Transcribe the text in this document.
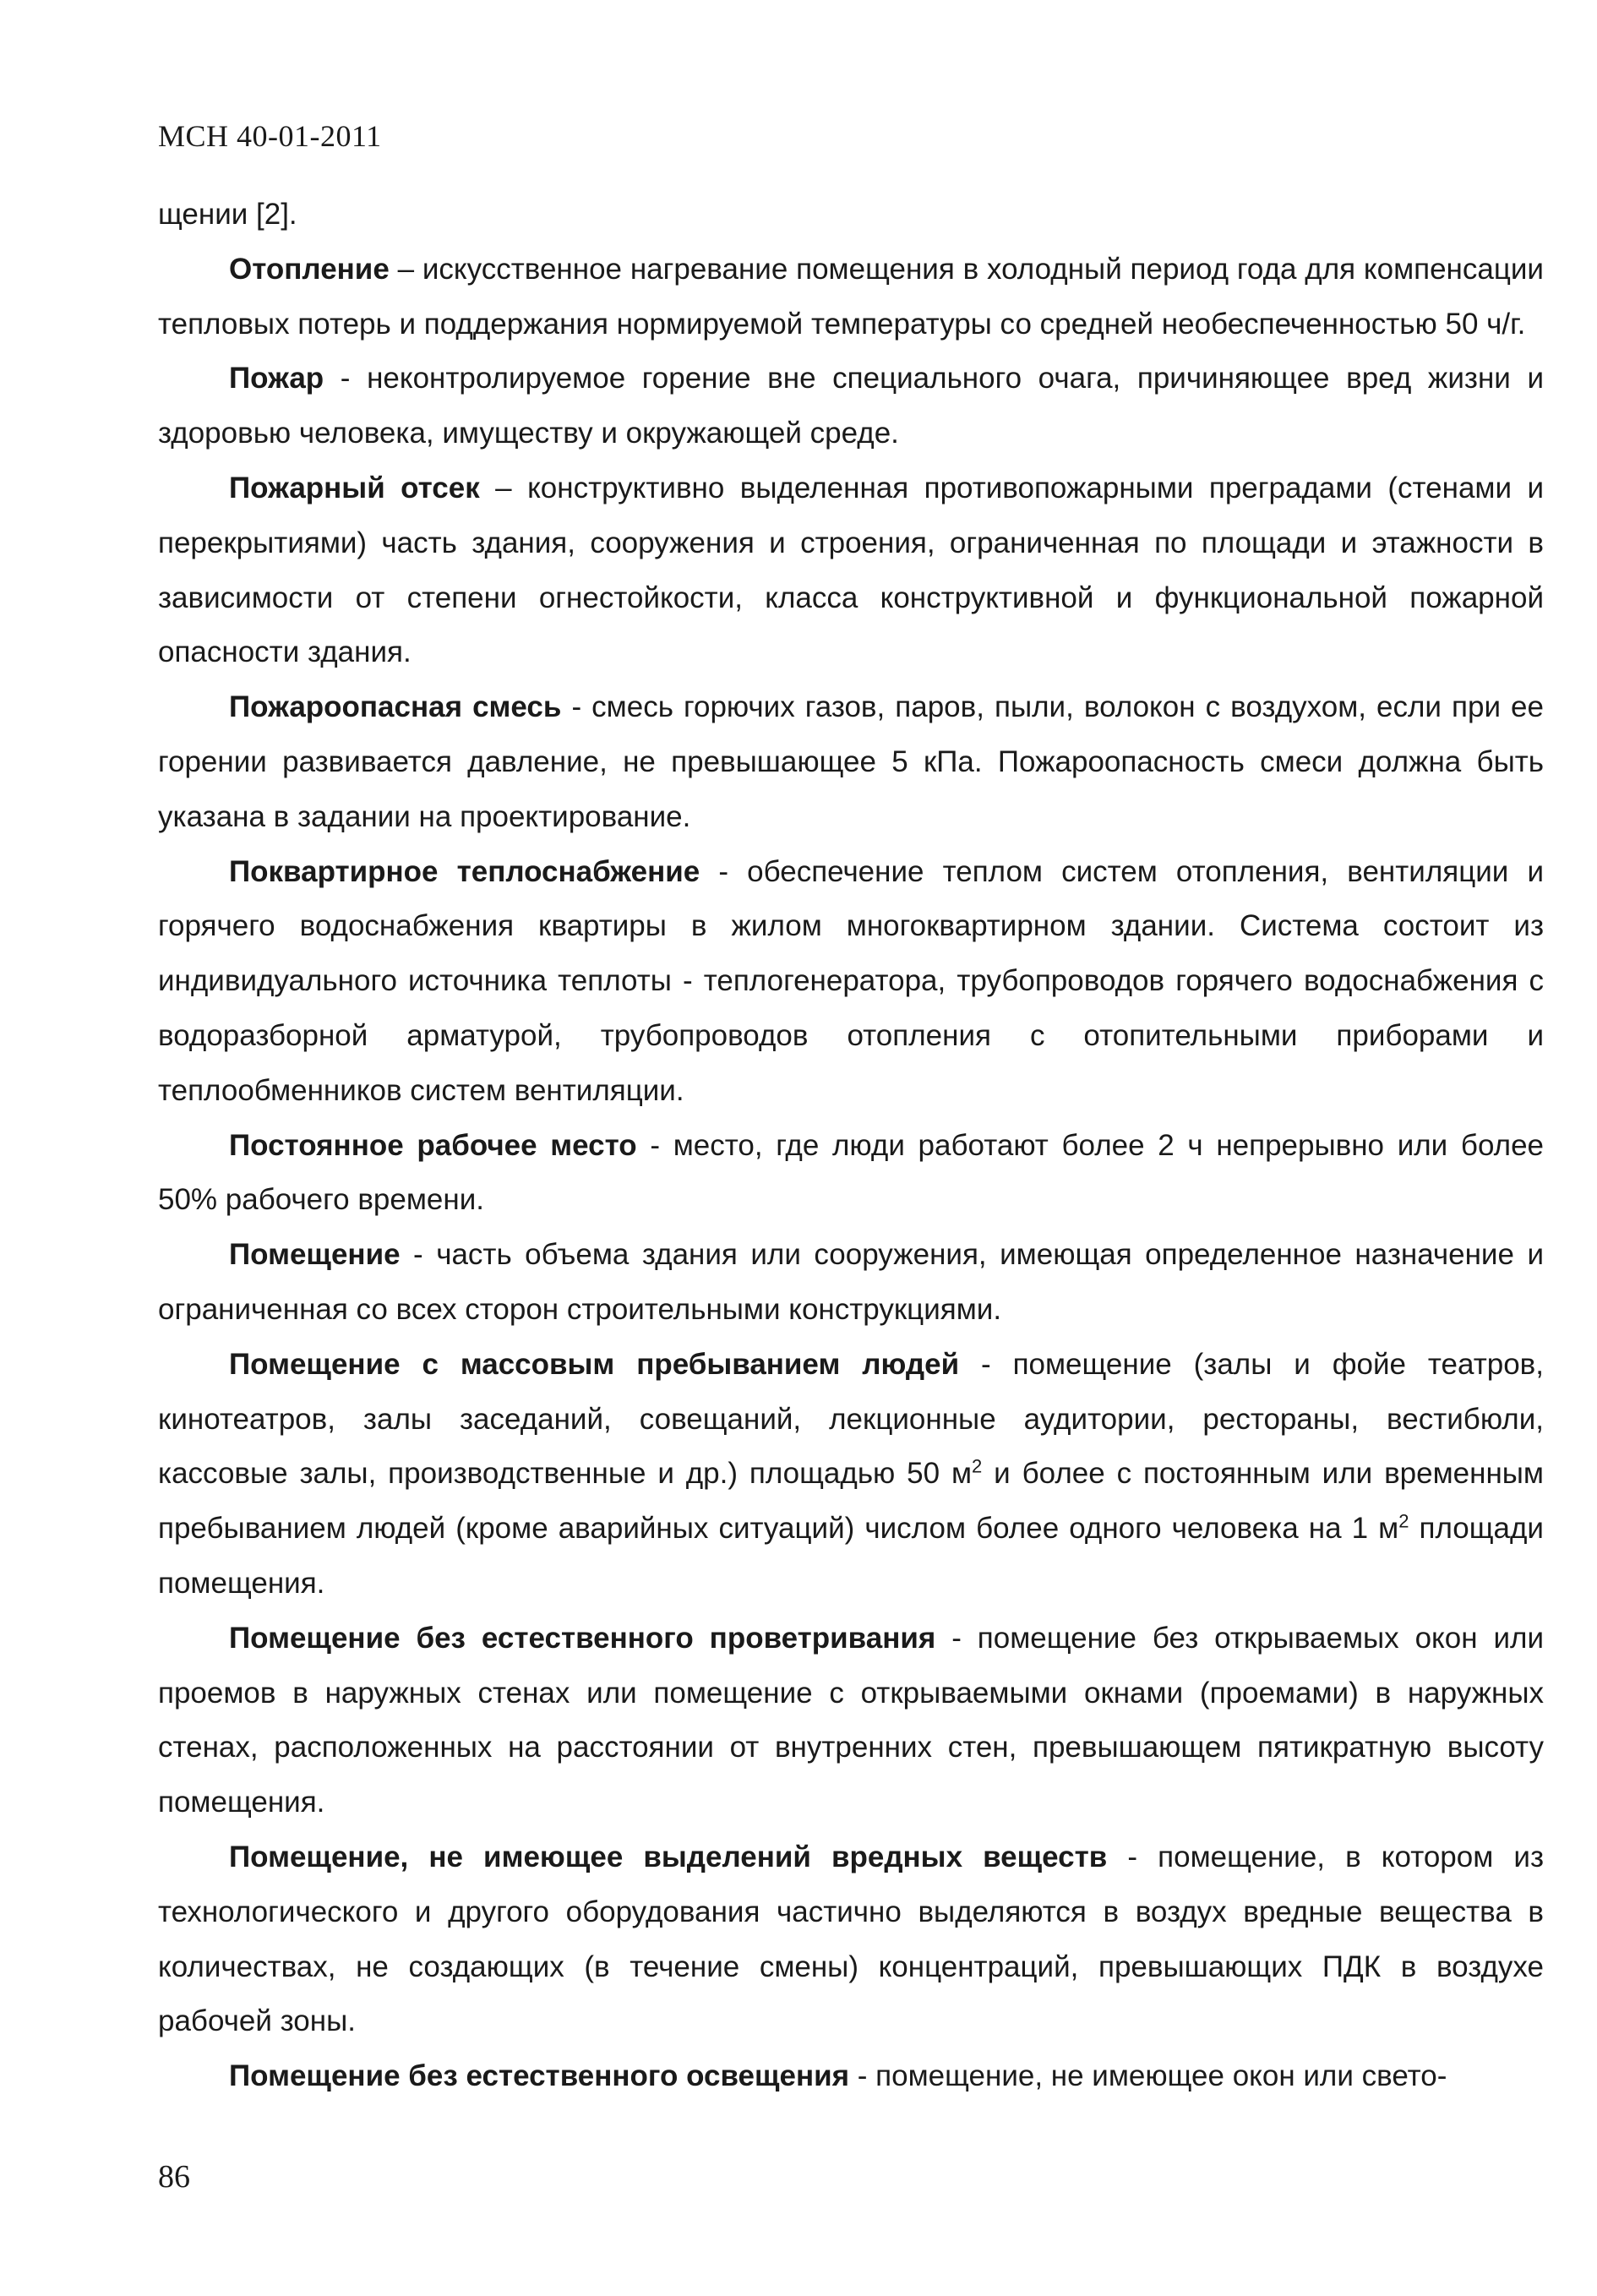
МСН 40-01-2011

щении [2].

Отопление – искусственное нагревание помещения в холодный период года для компенсации тепловых потерь и поддержания нормируемой температуры со средней необеспеченностью 50 ч/г.

Пожар - неконтролируемое горение вне специального очага, причиняющее вред жизни и здоровью человека, имуществу и окружающей среде.

Пожарный отсек – конструктивно выделенная противопожарными преградами (стенами и перекрытиями) часть здания, сооружения и строения, ограниченная по площади и этажности в зависимости от степени огнестойкости, класса конструктивной и функциональной пожарной опасности здания.

Пожароопасная смесь - смесь горючих газов, паров, пыли, волокон с воздухом, если при ее горении развивается давление, не превышающее 5 кПа. Пожароопасность смеси должна быть указана в задании на проектирование.

Поквартирное теплоснабжение - обеспечение теплом систем отопления, вентиляции и горячего водоснабжения квартиры в жилом многоквартирном здании. Система состоит из индивидуального источника теплоты - теплогенератора, трубопроводов горячего водоснабжения с водоразборной арматурой, трубопроводов отопления с отопительными приборами и теплообменников систем вентиляции.

Постоянное рабочее место - место, где люди работают более 2 ч непрерывно или более 50% рабочего времени.

Помещение - часть объема здания или сооружения, имеющая определенное назначение и ограниченная со всех сторон строительными конструкциями.

Помещение с массовым пребыванием людей - помещение (залы и фойе театров, кинотеатров, залы заседаний, совещаний, лекционные аудитории, рестораны, вестибюли, кассовые залы, производственные и др.) площадью 50 $м^2$ и более с постоянным или временным пребыванием людей (кроме аварийных ситуаций) числом более одного человека на 1 $м^2$ площади помещения.

Помещение без естественного проветривания - помещение без открываемых окон или проемов в наружных стенах или помещение с открываемыми окнами (проемами) в наружных стенах, расположенных на расстоянии от внутренних стен, превышающем пятикратную высоту помещения.

Помещение, не имеющее выделений вредных веществ - помещение, в котором из технологического и другого оборудования частично выделяются в воздух вредные вещества в количествах, не создающих (в течение смены) концентраций, превышающих ПДК в воздухе рабочей зоны.

Помещение без естественного освещения - помещение, не имеющее окон или свето-

86
